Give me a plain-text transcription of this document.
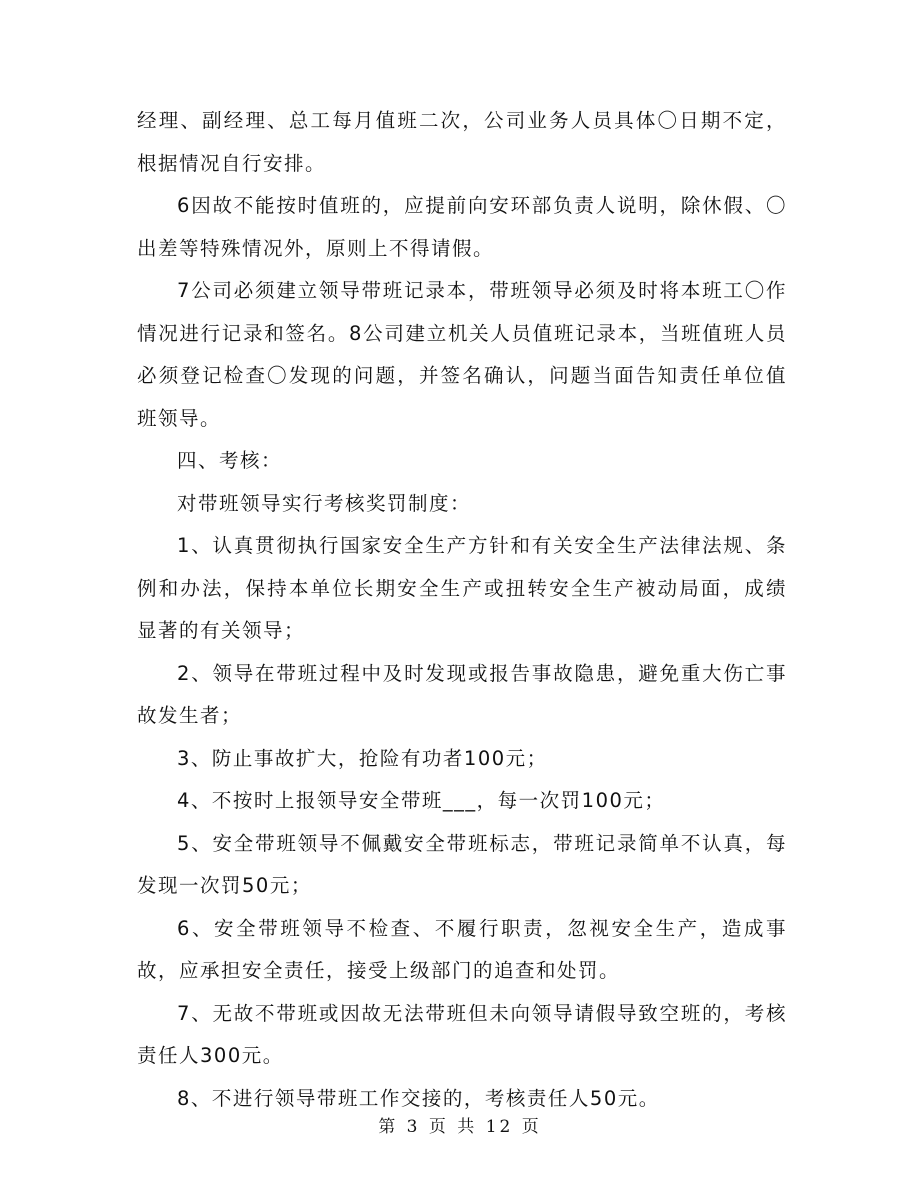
经理、副经理、总工每月值班二次，公司业务人员具体〇日期不定，根据情况自行安排。

6因故不能按时值班的，应提前向安环部负责人说明，除休假、〇出差等特殊情况外，原则上不得请假。

7公司必须建立领导带班记录本，带班领导必须及时将本班工〇作情况进行记录和签名。8公司建立机关人员值班记录本，当班值班人员必须登记检查〇发现的问题，并签名确认，问题当面告知责任单位值班领导。

四、考核：

对带班领导实行考核奖罚制度：

1、认真贯彻执行国家安全生产方针和有关安全生产法律法规、条例和办法，保持本单位长期安全生产或扭转安全生产被动局面，成绩显著的有关领导；

2、领导在带班过程中及时发现或报告事故隐患，避免重大伤亡事故发生者；

3、防止事故扩大，抢险有功者100元；

4、不按时上报领导安全带班___，每一次罚100元；

5、安全带班领导不佩戴安全带班标志，带班记录简单不认真，每发现一次罚50元；

6、安全带班领导不检查、不履行职责，忽视安全生产，造成事故，应承担安全责任，接受上级部门的追查和处罚。

7、无故不带班或因故无法带班但未向领导请假导致空班的，考核责任人300元。

8、不进行领导带班工作交接的，考核责任人50元。

第 3 页 共 12 页
